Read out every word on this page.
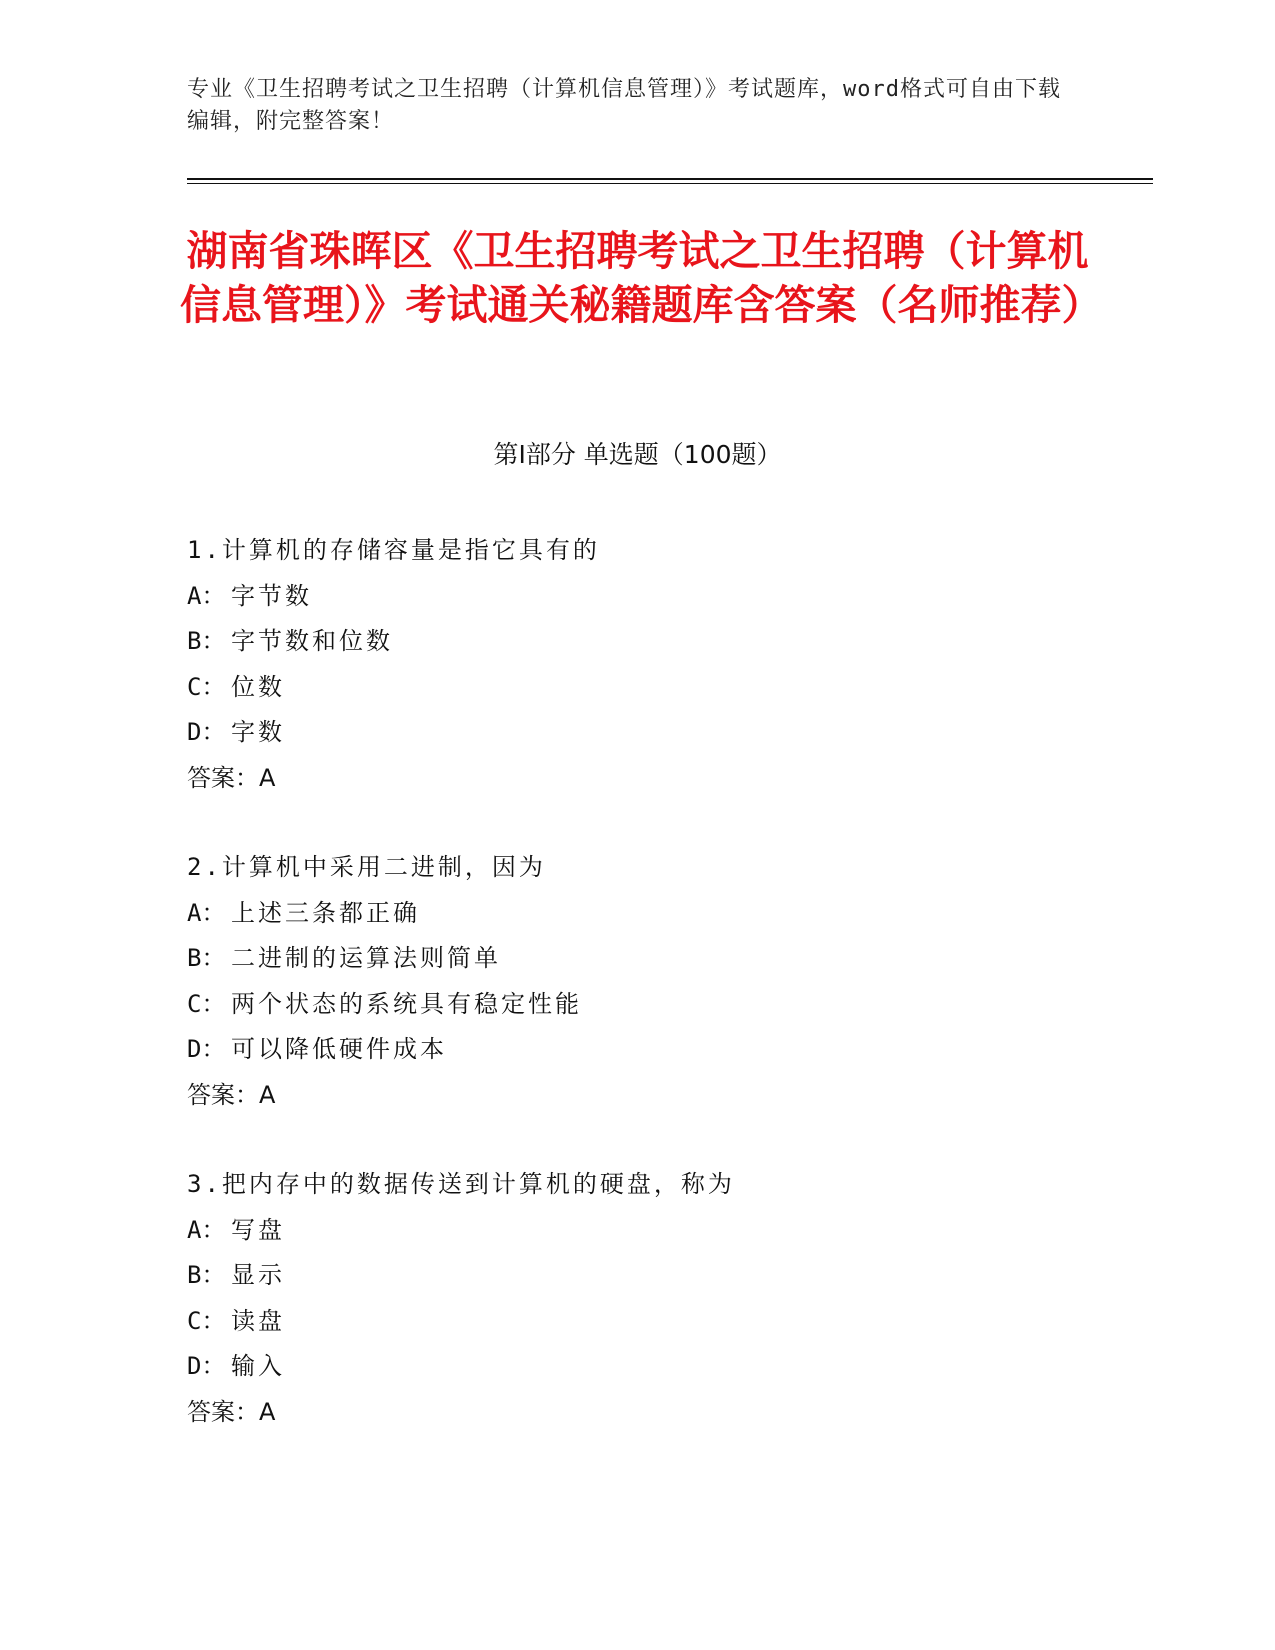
专业《卫生招聘考试之卫生招聘（计算机信息管理）》考试题库，word格式可自由下载编辑，附完整答案！
湖南省珠晖区《卫生招聘考试之卫生招聘（计算机信息管理）》考试通关秘籍题库含答案（名师推荐）
第Ⅰ部分 单选题（100题）
1.计算机的存储容量是指它具有的
A： 字节数
B： 字节数和位数
C： 位数
D： 字数
答案：A
2.计算机中采用二进制，因为
A： 上述三条都正确
B： 二进制的运算法则简单
C： 两个状态的系统具有稳定性能
D： 可以降低硬件成本
答案：A
3.把内存中的数据传送到计算机的硬盘，称为
A： 写盘
B： 显示
C： 读盘
D： 输入
答案：A
